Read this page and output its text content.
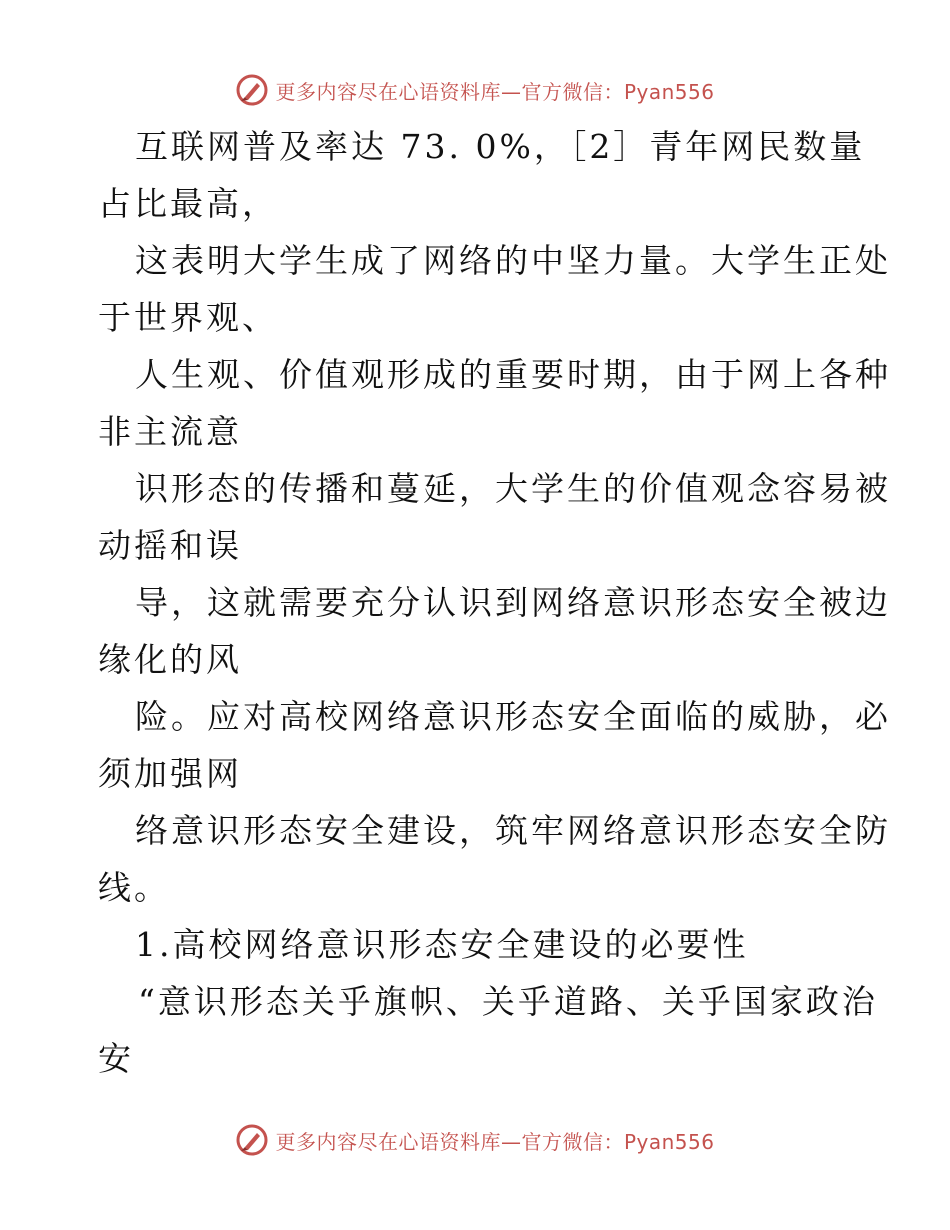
更多内容尽在心语资料库—官方微信：Pyan556
互联网普及率达 73. 0%，［2］青年网民数量
占比最高，
这表明大学生成了网络的中坚力量。大学生正处
于世界观、
人生观、价值观形成的重要时期，由于网上各种
非主流意
识形态的传播和蔓延，大学生的价值观念容易被
动摇和误
导，这就需要充分认识到网络意识形态安全被边
缘化的风
险。应对高校网络意识形态安全面临的威胁，必
须加强网
络意识形态安全建设，筑牢网络意识形态安全防
线。
1.高校网络意识形态安全建设的必要性
“意识形态关乎旗帜、关乎道路、关乎国家政治
安
更多内容尽在心语资料库—官方微信：Pyan556
